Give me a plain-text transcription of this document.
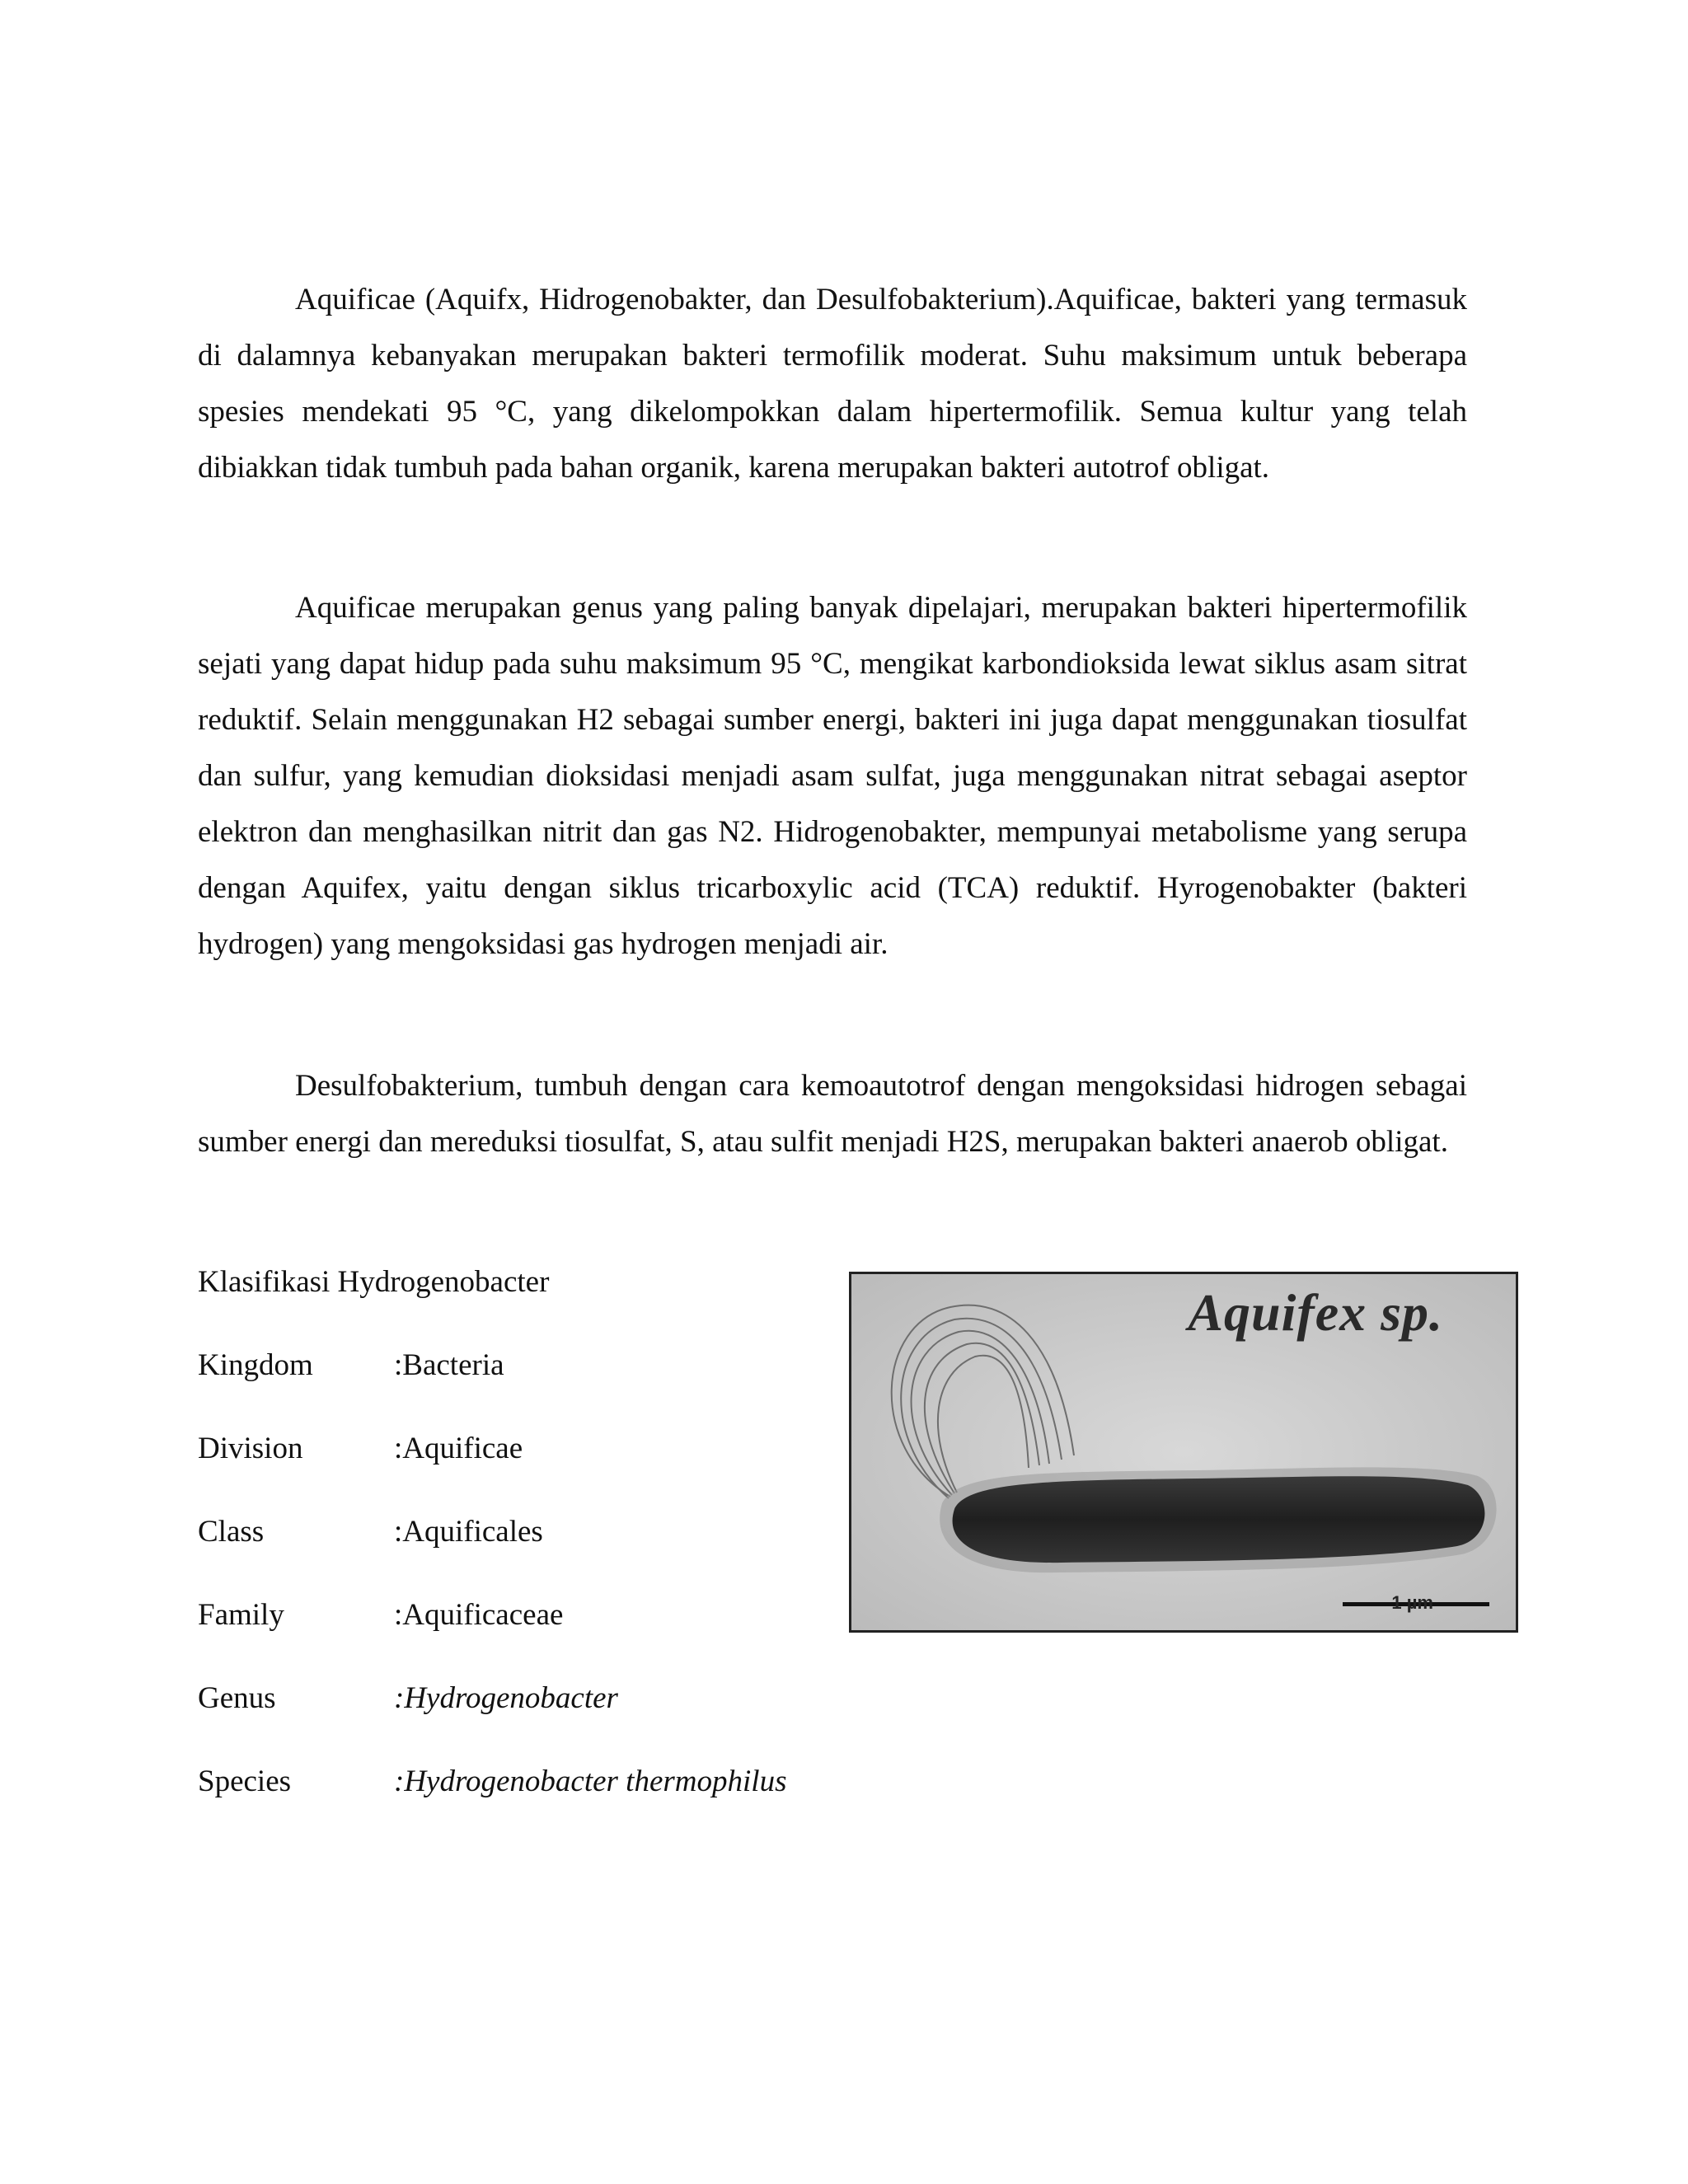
Aquificae (Aquifx, Hidrogenobakter, dan Desulfobakterium).Aquificae, bakteri yang termasuk di dalamnya kebanyakan merupakan bakteri termofilik moderat. Suhu maksimum untuk beberapa spesies mendekati 95 °C, yang dikelompokkan dalam hipertermofilik. Semua kultur yang telah dibiakkan tidak tumbuh pada bahan organik, karena merupakan bakteri autotrof obligat.

Aquificae merupakan genus yang paling banyak dipelajari, merupakan bakteri hipertermofilik sejati yang dapat hidup pada suhu maksimum 95 °C, mengikat karbondioksida lewat siklus asam sitrat reduktif. Selain menggunakan H2 sebagai sumber energi, bakteri ini juga dapat menggunakan tiosulfat dan sulfur, yang kemudian dioksidasi menjadi asam sulfat, juga menggunakan nitrat sebagai aseptor elektron dan menghasilkan nitrit dan gas N2. Hidrogenobakter, mempunyai metabolisme yang serupa dengan Aquifex, yaitu dengan siklus tricarboxylic acid (TCA) reduktif. Hyrogenobakter (bakteri hydrogen) yang mengoksidasi gas hydrogen menjadi air.

Desulfobakterium, tumbuh dengan cara kemoautotrof dengan mengoksidasi hidrogen sebagai sumber energi dan mereduksi tiosulfat, S, atau sulfit menjadi H2S, merupakan bakteri anaerob obligat.

Klasifikasi Hydrogenobacter
Kingdom	:Bacteria
Division	:Aquificae
Class	:Aquificales
Family	:Aquificaceae
Genus	:Hydrogenobacter
Species	:Hydrogenobacter thermophilus
Aquifex sp.
1 µm
